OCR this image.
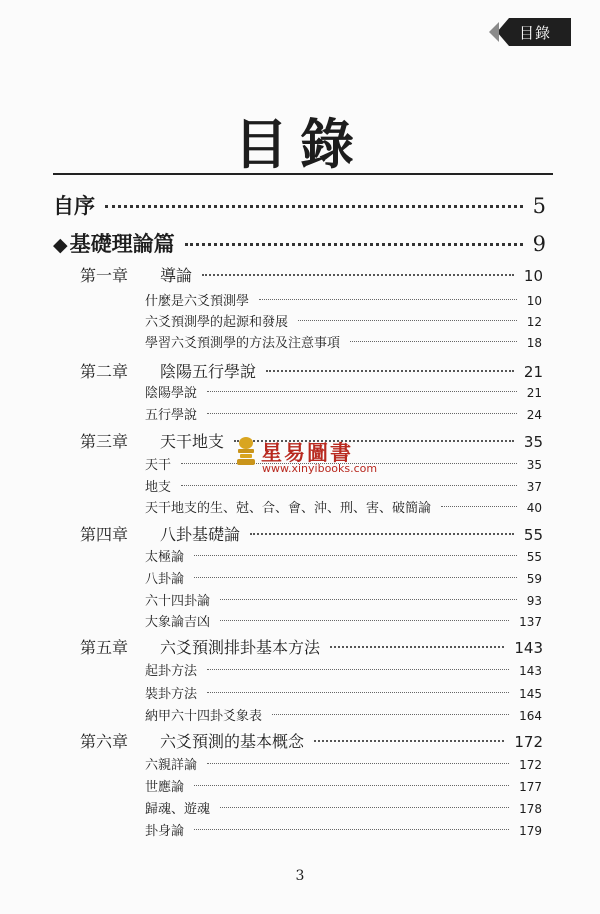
目錄
目錄
自序	5
◆ 基礎理論篇	9
第一章	導論	10
什麼是六爻預測學	10
六爻預測學的起源和發展	12
學習六爻預測學的方法及注意事項	18
第二章	陰陽五行學說	21
陰陽學說	21
五行學說	24
第三章	天干地支	35
天干	35
地支	37
天干地支的生、尅、合、會、沖、刑、害、破簡論	40
第四章	八卦基礎論	55
太極論	55
八卦論	59
六十四卦論	93
大象論吉凶	137
第五章	六爻預測排卦基本方法	143
起卦方法	143
裝卦方法	145
納甲六十四卦爻象表	164
第六章	六爻預測的基本概念	172
六親詳論	172
世應論	177
歸魂、遊魂	178
卦身論	179
星易圖書
www.xinyibooks.com
3
